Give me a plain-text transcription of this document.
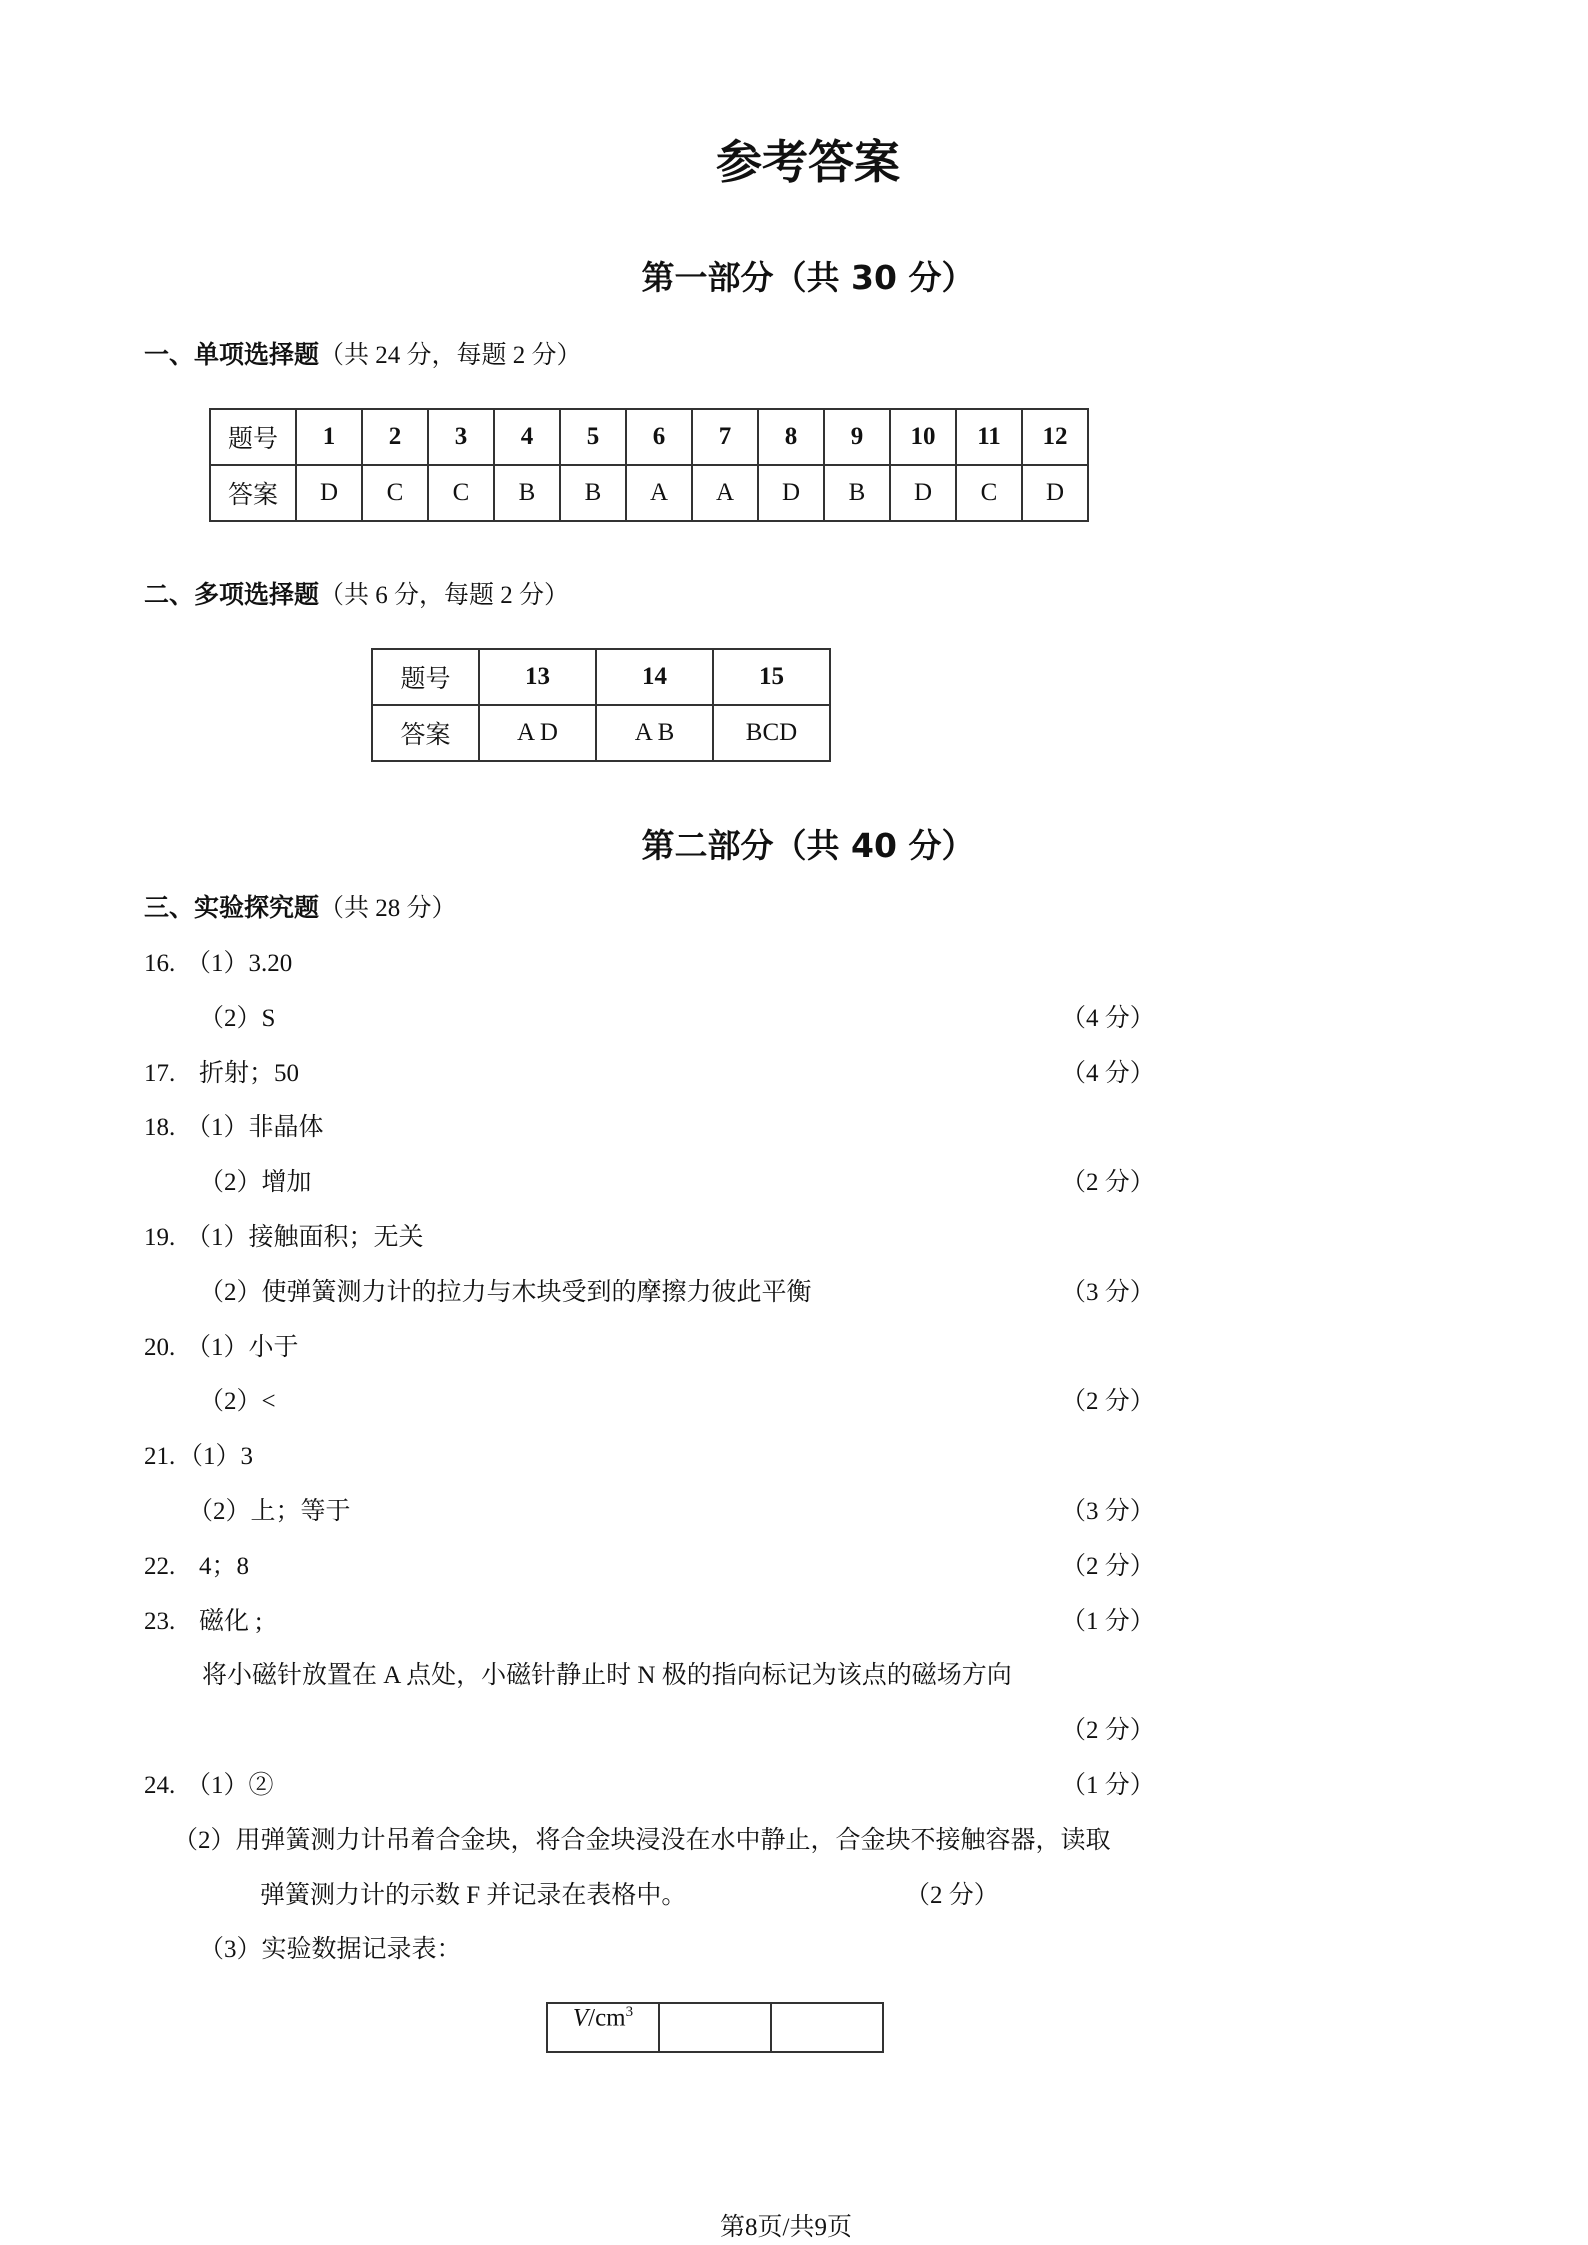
参考答案
第一部分（共 30 分）
一、单项选择题（共 24 分，每题 2 分）
题号	1	2	3	4	5	6	7	8	9	10	11	12
答案	D	C	C	B	B	A	A	D	B	D	C	D
二、多项选择题（共 6 分，每题 2 分）
题号	13	14	15
答案	A D	A B	BCD
第二部分（共 40 分）
三、实验探究题（共 28 分）
16. （1）3.20
（2）S	（4 分）
17. 折射；50	（4 分）
18. （1）非晶体
（2）增加	（2 分）
19. （1）接触面积；无关
（2）使弹簧测力计的拉力与木块受到的摩擦力彼此平衡	（3 分）
20. （1）小于
（2）<	（2 分）
21. （1）3
（2）上；等于	（3 分）
22. 4；8	（2 分）
23. 磁化 ;	（1 分）
将小磁针放置在 A 点处，小磁针静止时 N 极的指向标记为该点的磁场方向
（2 分）
24. （1）②	（1 分）
（2）用弹簧测力计吊着合金块，将合金块浸没在水中静止，合金块不接触容器，读取
弹簧测力计的示数 F 并记录在表格中。	（2 分）
（3）实验数据记录表：
$V/cm^3$		
第8页/共9页
